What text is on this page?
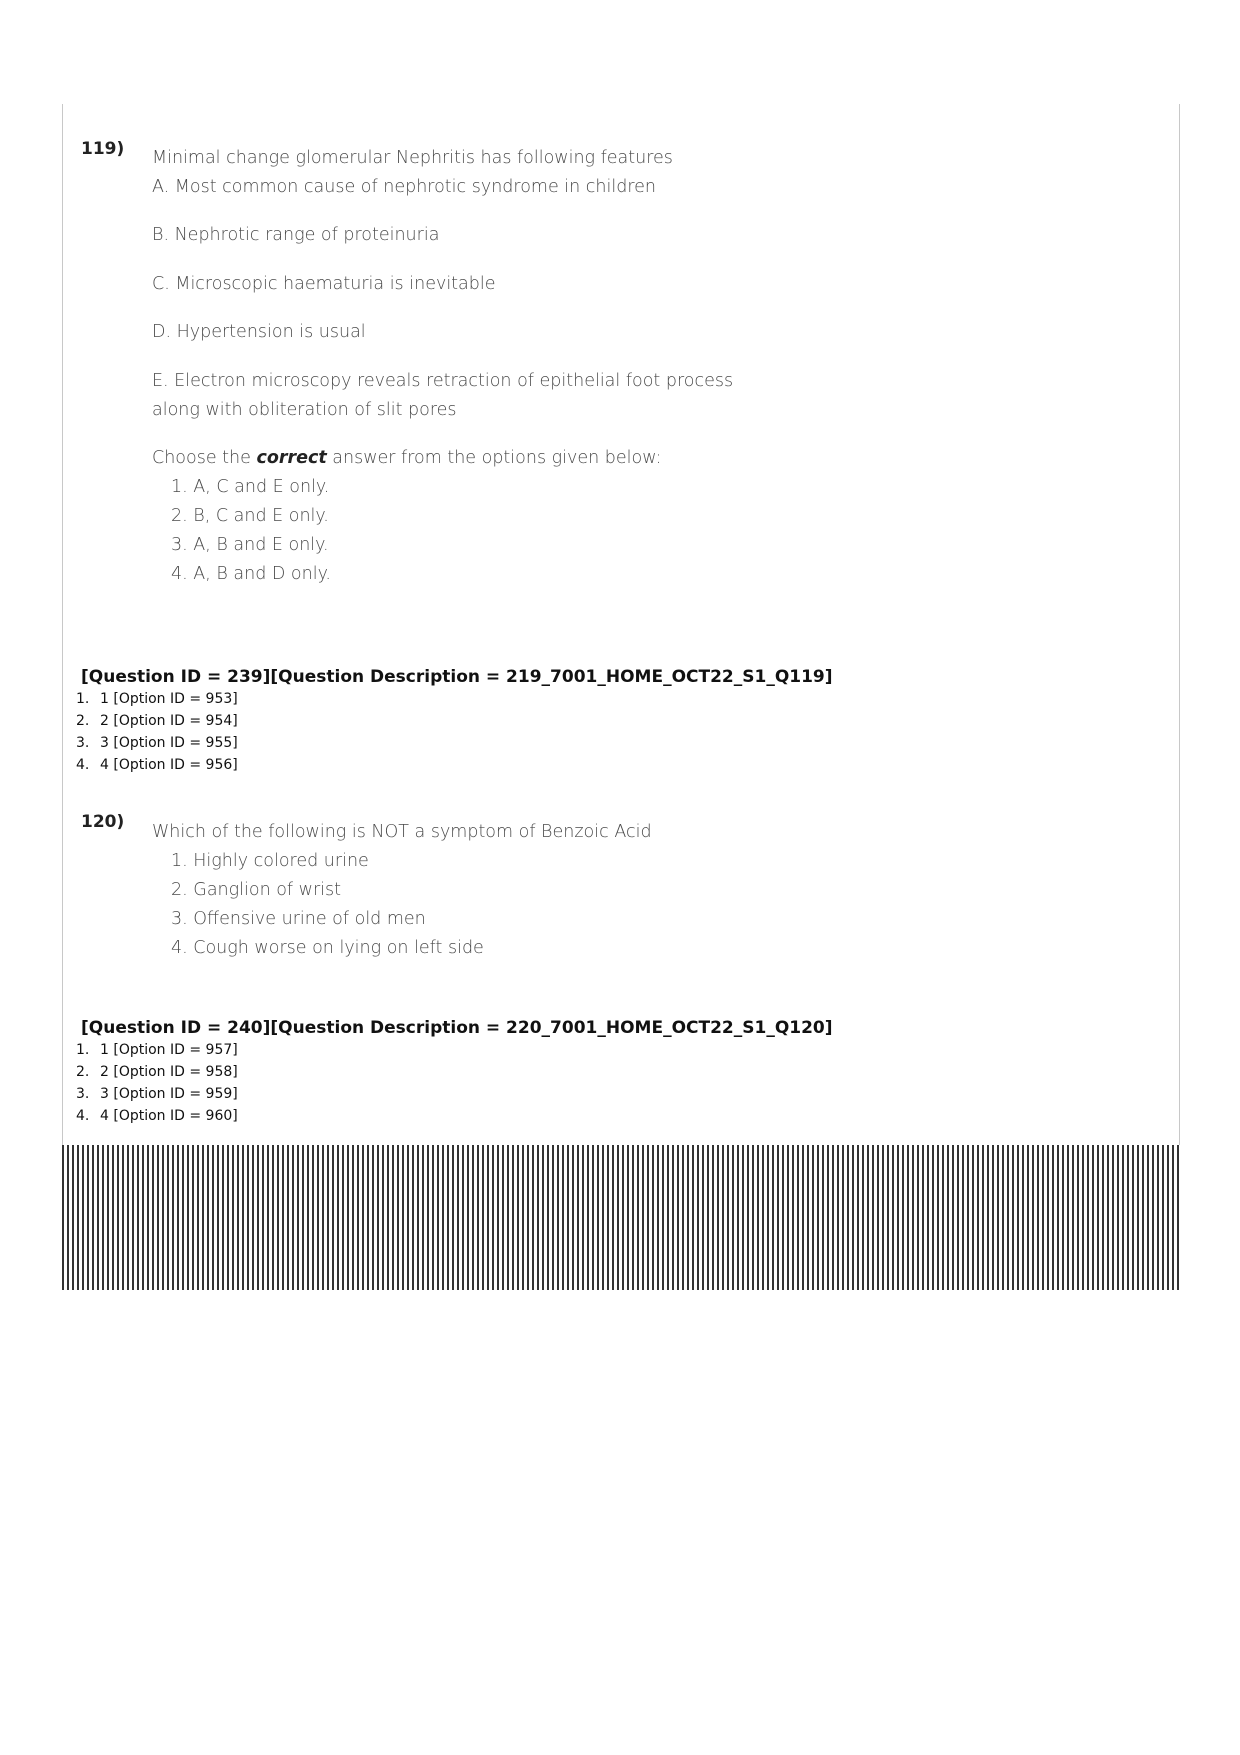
119) Minimal change glomerular Nephritis has following features
A. Most common cause of nephrotic syndrome in children
B. Nephrotic range of proteinuria
C. Microscopic haematuria is inevitable
D. Hypertension is usual
E. Electron microscopy reveals retraction of epithelial foot process
along with obliteration of slit pores
Choose the correct answer from the options given below:
1. A, C and E only.
2. B, C and E only.
3. A, B and E only.
4. A, B and D only.
[Question ID = 239][Question Description = 219_7001_HOME_OCT22_S1_Q119]
1. 1 [Option ID = 953]
2. 2 [Option ID = 954]
3. 3 [Option ID = 955]
4. 4 [Option ID = 956]
120) Which of the following is NOT a symptom of Benzoic Acid
1. Highly colored urine
2. Ganglion of wrist
3. Offensive urine of old men
4. Cough worse on lying on left side
[Question ID = 240][Question Description = 220_7001_HOME_OCT22_S1_Q120]
1. 1 [Option ID = 957]
2. 2 [Option ID = 958]
3. 3 [Option ID = 959]
4. 4 [Option ID = 960]
